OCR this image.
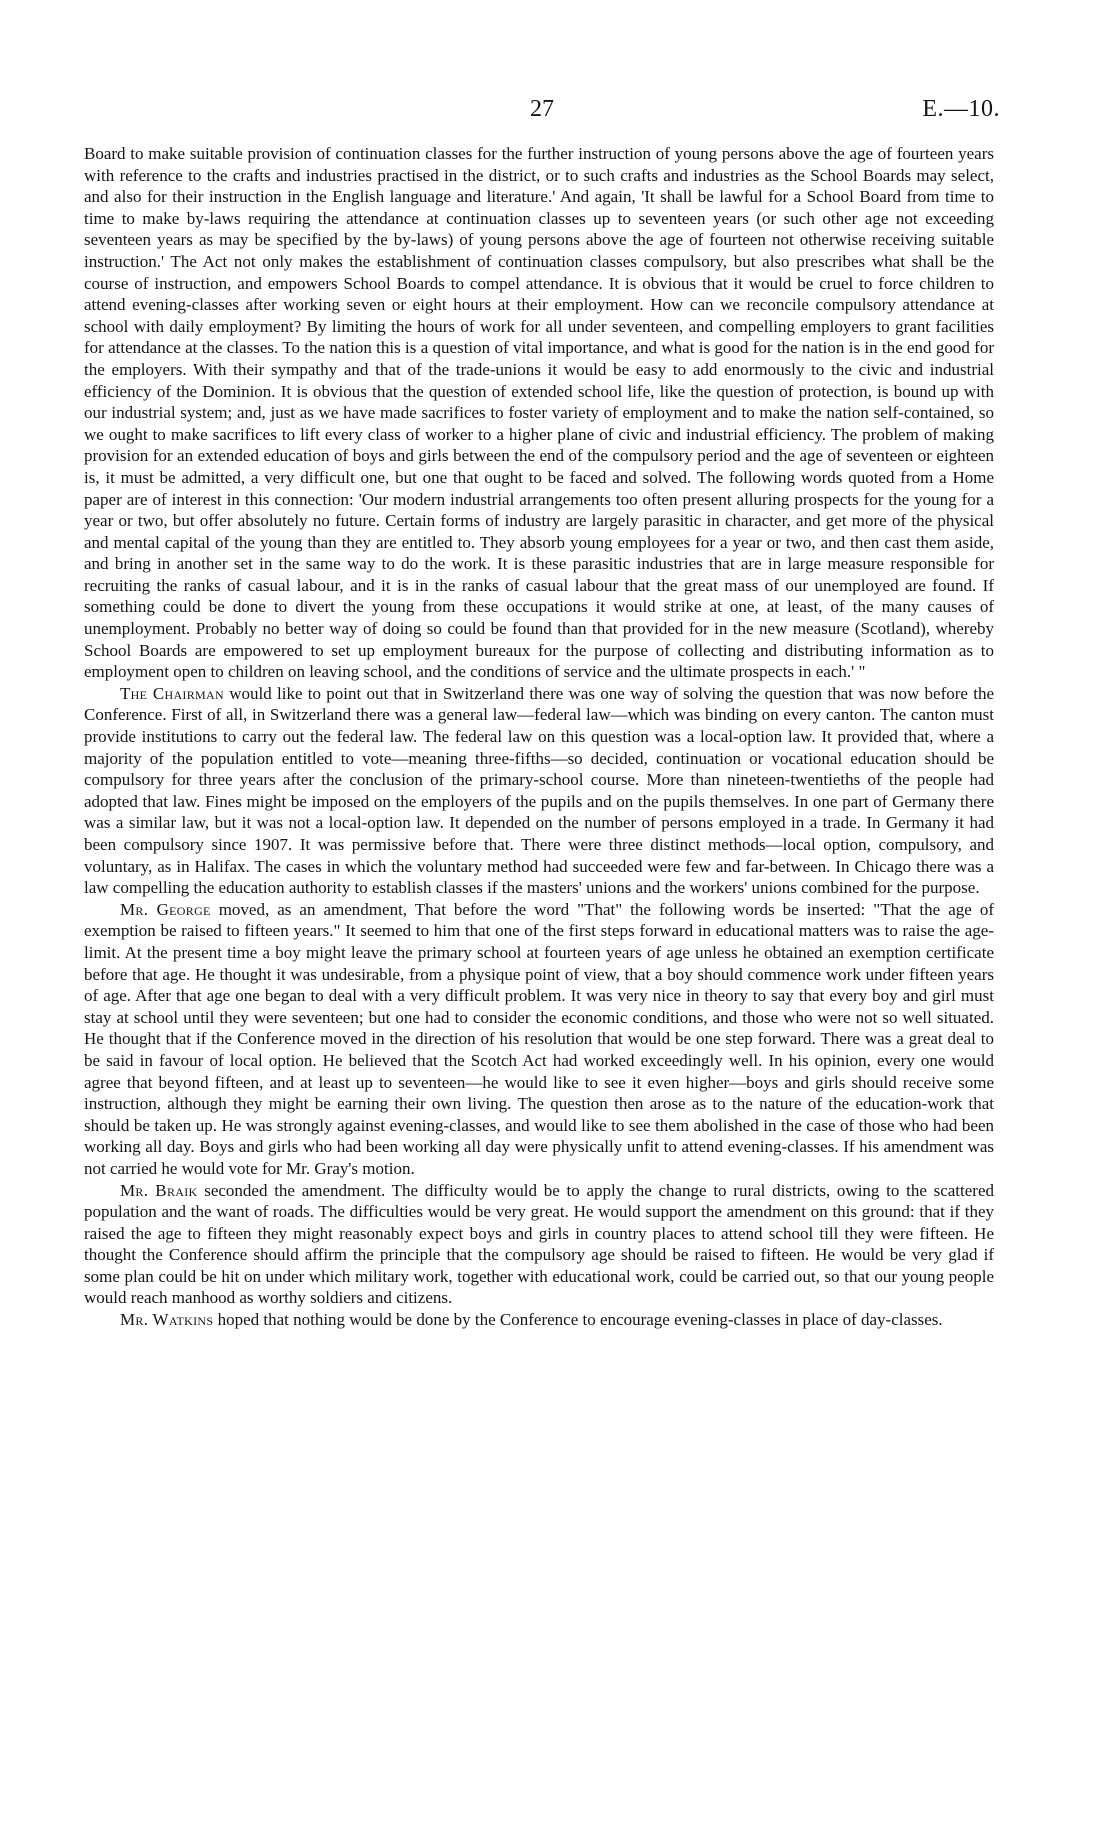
27	E.—10.

Board to make suitable provision of continuation classes for the further instruction of young persons above the age of fourteen years with reference to the crafts and industries practised in the district, or to such crafts and industries as the School Boards may select, and also for their instruction in the English language and literature.' And again, 'It shall be lawful for a School Board from time to time to make by-laws requiring the attendance at continuation classes up to seventeen years (or such other age not exceeding seventeen years as may be specified by the by-laws) of young persons above the age of fourteen not otherwise receiving suitable instruction.' The Act not only makes the establishment of continuation classes compulsory, but also prescribes what shall be the course of instruction, and empowers School Boards to compel attendance. It is obvious that it would be cruel to force children to attend evening-classes after working seven or eight hours at their employment. How can we reconcile compulsory attendance at school with daily employment? By limiting the hours of work for all under seventeen, and compelling employers to grant facilities for attendance at the classes. To the nation this is a question of vital importance, and what is good for the nation is in the end good for the employers. With their sympathy and that of the trade-unions it would be easy to add enormously to the civic and industrial efficiency of the Dominion. It is obvious that the question of extended school life, like the question of protection, is bound up with our industrial system; and, just as we have made sacrifices to foster variety of employment and to make the nation self-contained, so we ought to make sacrifices to lift every class of worker to a higher plane of civic and industrial efficiency. The problem of making provision for an extended education of boys and girls between the end of the compulsory period and the age of seventeen or eighteen is, it must be admitted, a very difficult one, but one that ought to be faced and solved. The following words quoted from a Home paper are of interest in this connection: 'Our modern industrial arrangements too often present alluring prospects for the young for a year or two, but offer absolutely no future. Certain forms of industry are largely parasitic in character, and get more of the physical and mental capital of the young than they are entitled to. They absorb young employees for a year or two, and then cast them aside, and bring in another set in the same way to do the work. It is these parasitic industries that are in large measure responsible for recruiting the ranks of casual labour, and it is in the ranks of casual labour that the great mass of our unemployed are found. If something could be done to divert the young from these occupations it would strike at one, at least, of the many causes of unemployment. Probably no better way of doing so could be found than that provided for in the new measure (Scotland), whereby School Boards are empowered to set up employment bureaux for the purpose of collecting and distributing information as to employment open to children on leaving school, and the conditions of service and the ultimate prospects in each.' "

The Chairman would like to point out that in Switzerland there was one way of solving the question that was now before the Conference. First of all, in Switzerland there was a general law—federal law—which was binding on every canton. The canton must provide institutions to carry out the federal law. The federal law on this question was a local-option law. It provided that, where a majority of the population entitled to vote—meaning three-fifths—so decided, continuation or vocational education should be compulsory for three years after the conclusion of the primary-school course. More than nineteen-twentieths of the people had adopted that law. Fines might be imposed on the employers of the pupils and on the pupils themselves. In one part of Germany there was a similar law, but it was not a local-option law. It depended on the number of persons employed in a trade. In Germany it had been compulsory since 1907. It was permissive before that. There were three distinct methods—local option, compulsory, and voluntary, as in Halifax. The cases in which the voluntary method had succeeded were few and far-between. In Chicago there was a law compelling the education authority to establish classes if the masters' unions and the workers' unions combined for the purpose.

Mr. George moved, as an amendment, That before the word "That" the following words be inserted: "That the age of exemption be raised to fifteen years." It seemed to him that one of the first steps forward in educational matters was to raise the age-limit. At the present time a boy might leave the primary school at fourteen years of age unless he obtained an exemption certificate before that age. He thought it was undesirable, from a physique point of view, that a boy should commence work under fifteen years of age. After that age one began to deal with a very difficult problem. It was very nice in theory to say that every boy and girl must stay at school until they were seventeen; but one had to consider the economic conditions, and those who were not so well situated. He thought that if the Conference moved in the direction of his resolution that would be one step forward. There was a great deal to be said in favour of local option. He believed that the Scotch Act had worked exceedingly well. In his opinion, every one would agree that beyond fifteen, and at least up to seventeen—he would like to see it even higher—boys and girls should receive some instruction, although they might be earning their own living. The question then arose as to the nature of the education-work that should be taken up. He was strongly against evening-classes, and would like to see them abolished in the case of those who had been working all day. Boys and girls who had been working all day were physically unfit to attend evening-classes. If his amendment was not carried he would vote for Mr. Gray's motion.

Mr. Braik seconded the amendment. The difficulty would be to apply the change to rural districts, owing to the scattered population and the want of roads. The difficulties would be very great. He would support the amendment on this ground: that if they raised the age to fifteen they might reasonably expect boys and girls in country places to attend school till they were fifteen. He thought the Conference should affirm the principle that the compulsory age should be raised to fifteen. He would be very glad if some plan could be hit on under which military work, together with educational work, could be carried out, so that our young people would reach manhood as worthy soldiers and citizens.

Mr. Watkins hoped that nothing would be done by the Conference to encourage evening-classes in place of day-classes.
